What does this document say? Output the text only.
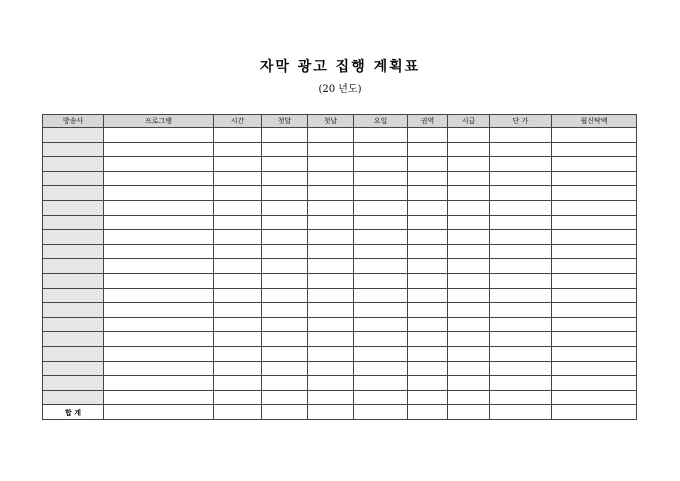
자막 광고 집행 계획표
(20 년도)
방송사	프로그램	시간	첫달	첫날	요일	권역	시급	단 가	월신탁액

합 계									
